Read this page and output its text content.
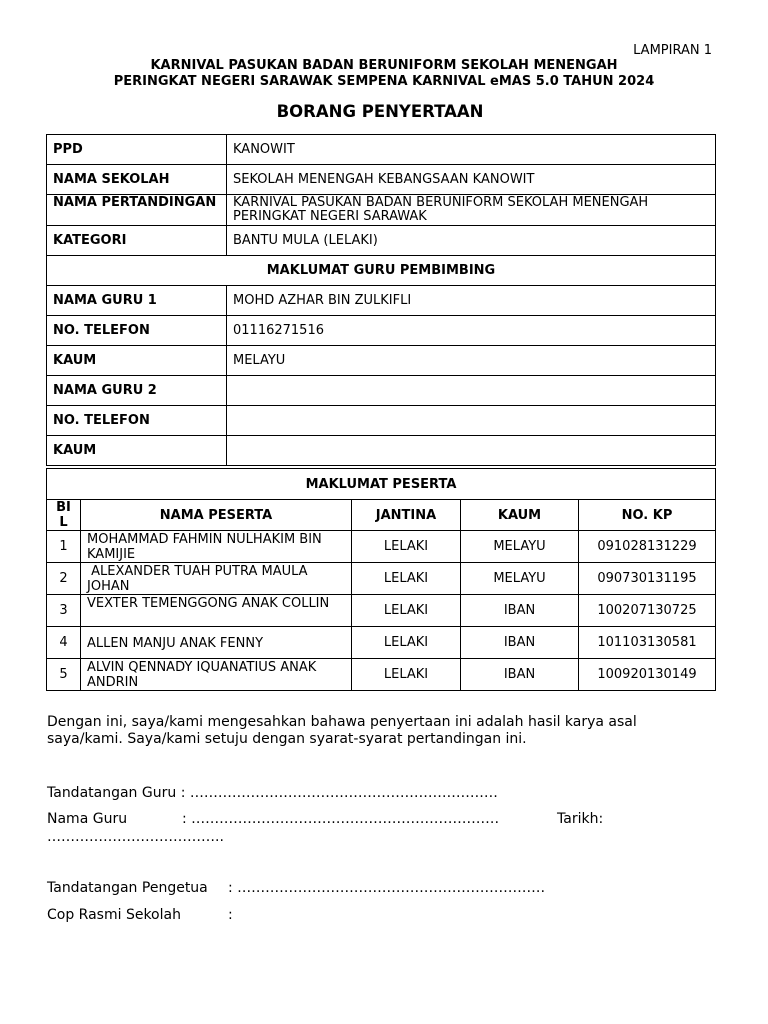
LAMPIRAN 1
KARNIVAL PASUKAN BADAN BERUNIFORM SEKOLAH MENENGAH
PERINGKAT NEGERI SARAWAK SEMPENA KARNIVAL eMAS 5.0 TAHUN 2024
BORANG PENYERTAAN
PPD	KANOWIT
NAMA SEKOLAH	SEKOLAH MENENGAH KEBANGSAAN KANOWIT
NAMA PERTANDINGAN	KARNIVAL PASUKAN BADAN BERUNIFORM SEKOLAH MENENGAH PERINGKAT NEGERI SARAWAK
KATEGORI	BANTU MULA (LELAKI)
MAKLUMAT GURU PEMBIMBING	
NAMA GURU 1	MOHD AZHAR BIN ZULKIFLI
NO. TELEFON	01116271516
KAUM	MELAYU
NAMA GURU 2	
NO. TELEFON	
KAUM	
MAKLUMAT PESERTA				
BIL	NAMA PESERTA	JANTINA	KAUM	NO. KP
1	MOHAMMAD FAHMIN NULHAKIM BIN KAMIJIE	LELAKI	MELAYU	091028131229
2	ALEXANDER TUAH PUTRA MAULA JOHAN	LELAKI	MELAYU	090730131195
3	VEXTER TEMENGGONG ANAK COLLIN	LELAKI	IBAN	100207130725
4	ALLEN MANJU ANAK FENNY	LELAKI	IBAN	101103130581
5	ALVIN QENNADY IQUANATIUS ANAK ANDRIN	LELAKI	IBAN	100920130149
Dengan ini, saya/kami mengesahkan bahawa penyertaan ini adalah hasil karya asal saya/kami. Saya/kami setuju dengan syarat-syarat pertandingan ini.
Tandatangan Guru : …………………………………………………………
Nama Guru	: …………………………………………………………	Tarikh:
………………………………..
Tandatangan Pengetua : …………………………………………………………
Cop Rasmi Sekolah	:
